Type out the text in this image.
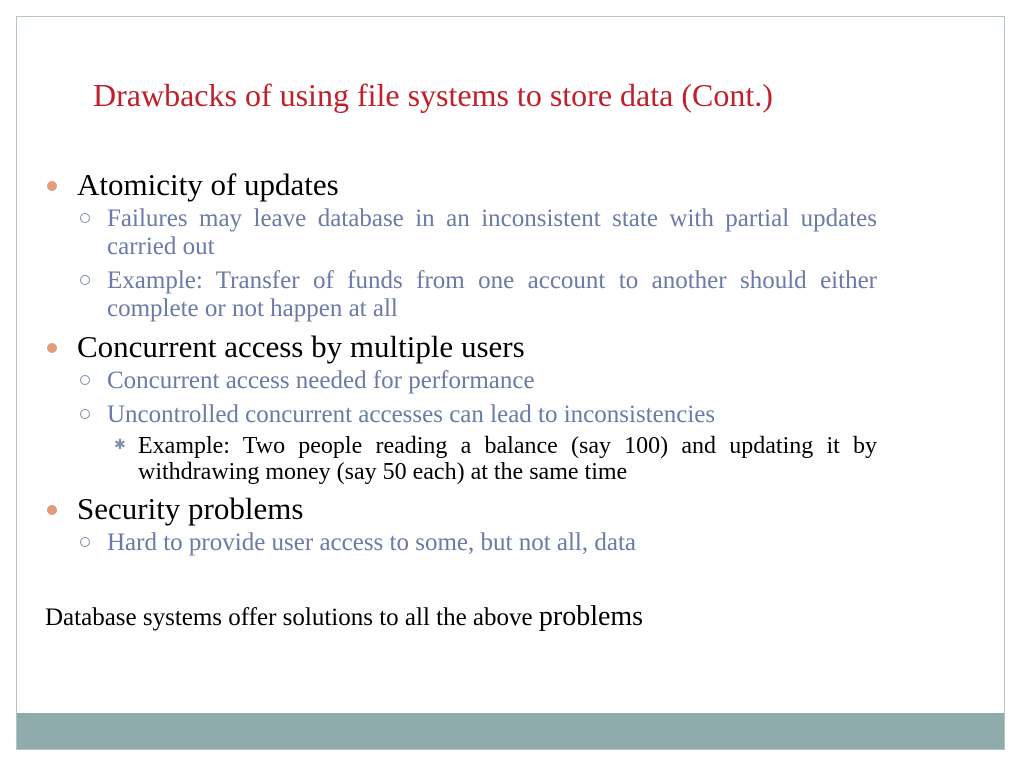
Drawbacks of using file systems to store data (Cont.)
Atomicity of updates
Failures may leave database in an inconsistent state with partial updates carried out
Example: Transfer of funds from one account to another should either complete or not happen at all
Concurrent access by multiple users
Concurrent access needed for performance
Uncontrolled concurrent accesses can lead to inconsistencies
✱ Example: Two people reading a balance (say 100) and updating it by withdrawing money (say 50 each) at the same time
Security problems
Hard to provide user access to some, but not all, data
Database systems offer solutions to all the above problems
